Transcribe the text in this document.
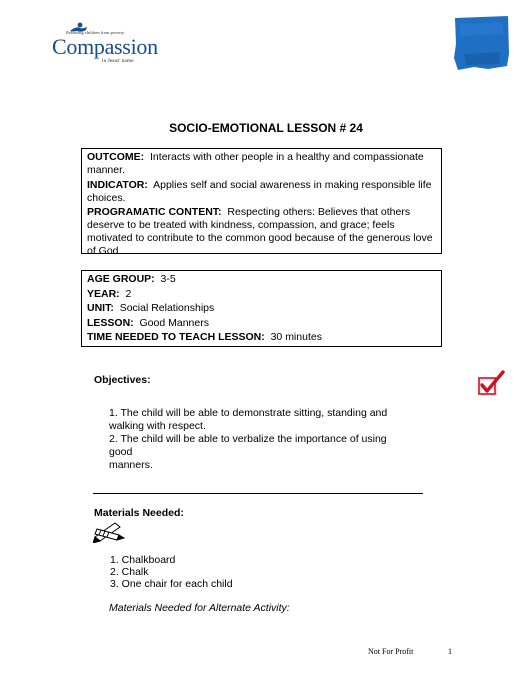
Releasing children from poverty
Compassion
in Jesus' name
SOCIO-EMOTIONAL LESSON # 24

OUTCOME: Interacts with other people in a healthy and compassionate
manner.

INDICATOR: Applies self and social awareness in making responsible life
choices.

PROGRAMATIC CONTENT: Respecting others: Believes that others
deserve to be treated with kindness, compassion, and grace; feels
motivated to contribute to the common good because of the generous love
of God.

AGE GROUP: 3-5

YEAR: 2

UNIT: Social Relationships

LESSON: Good Manners

TIME NEEDED TO TEACH LESSON: 30 minutes

Objectives:
1. The child will be able to demonstrate sitting, standing and
walking with respect.
2. The child will be able to verbalize the importance of using good
manners.
Materials Needed:
1. Chalkboard
2. Chalk
3. One chair for each child
Materials Needed for Alternate Activity:
Not For Profit	1
